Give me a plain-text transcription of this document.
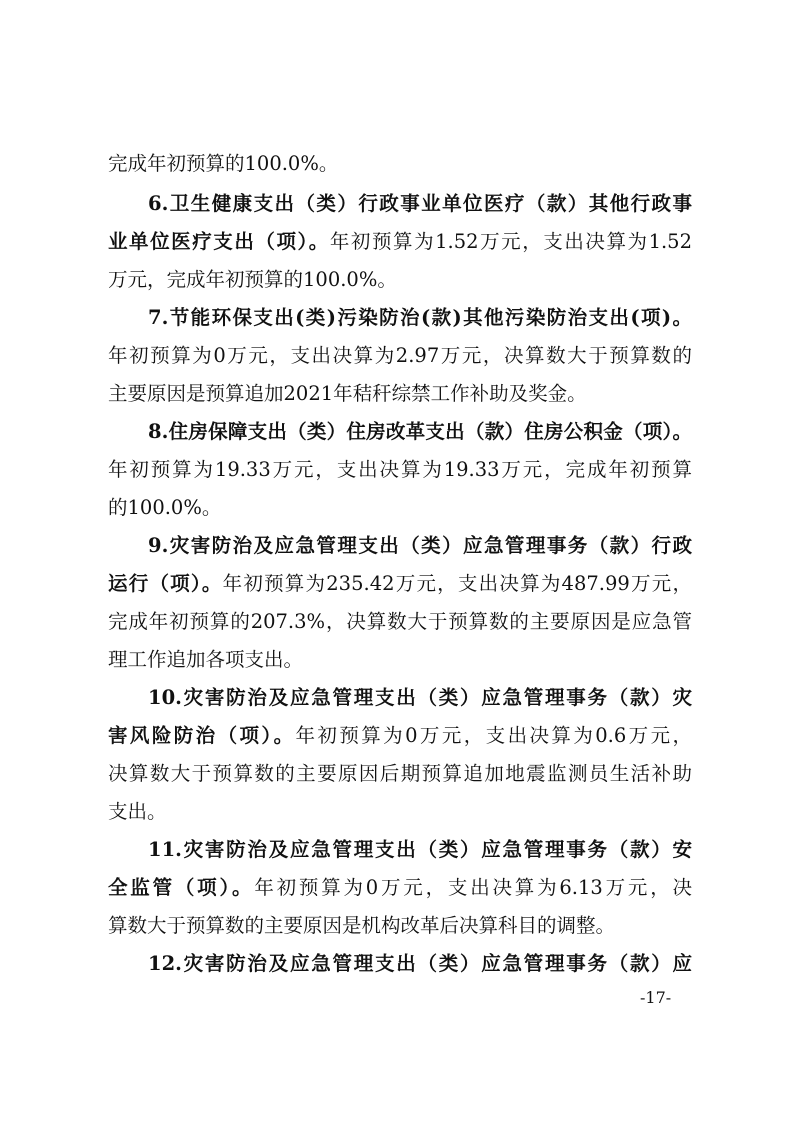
完成年初预算的100.0%。
6.卫生健康支出（类）行政事业单位医疗（款）其他行政事
业单位医疗支出（项）。年初预算为1.52万元，支出决算为1.52
万元，完成年初预算的100.0%。
7.节能环保支出(类)污染防治(款)其他污染防治支出(项)。
年初预算为0万元，支出决算为2.97万元，决算数大于预算数的
主要原因是预算追加2021年秸秆综禁工作补助及奖金。
8.住房保障支出（类）住房改革支出（款）住房公积金（项）。
年初预算为19.33万元，支出决算为19.33万元，完成年初预算
的100.0%。
9.灾害防治及应急管理支出（类）应急管理事务（款）行政
运行（项）。年初预算为235.42万元，支出决算为487.99万元，
完成年初预算的207.3%，决算数大于预算数的主要原因是应急管
理工作追加各项支出。
10.灾害防治及应急管理支出（类）应急管理事务（款）灾
害风险防治（项）。年初预算为0万元，支出决算为0.6万元，
决算数大于预算数的主要原因后期预算追加地震监测员生活补助
支出。
11.灾害防治及应急管理支出（类）应急管理事务（款）安
全监管（项）。年初预算为0万元，支出决算为6.13万元，决
算数大于预算数的主要原因是机构改革后决算科目的调整。
12.灾害防治及应急管理支出（类）应急管理事务（款）应
-17-
